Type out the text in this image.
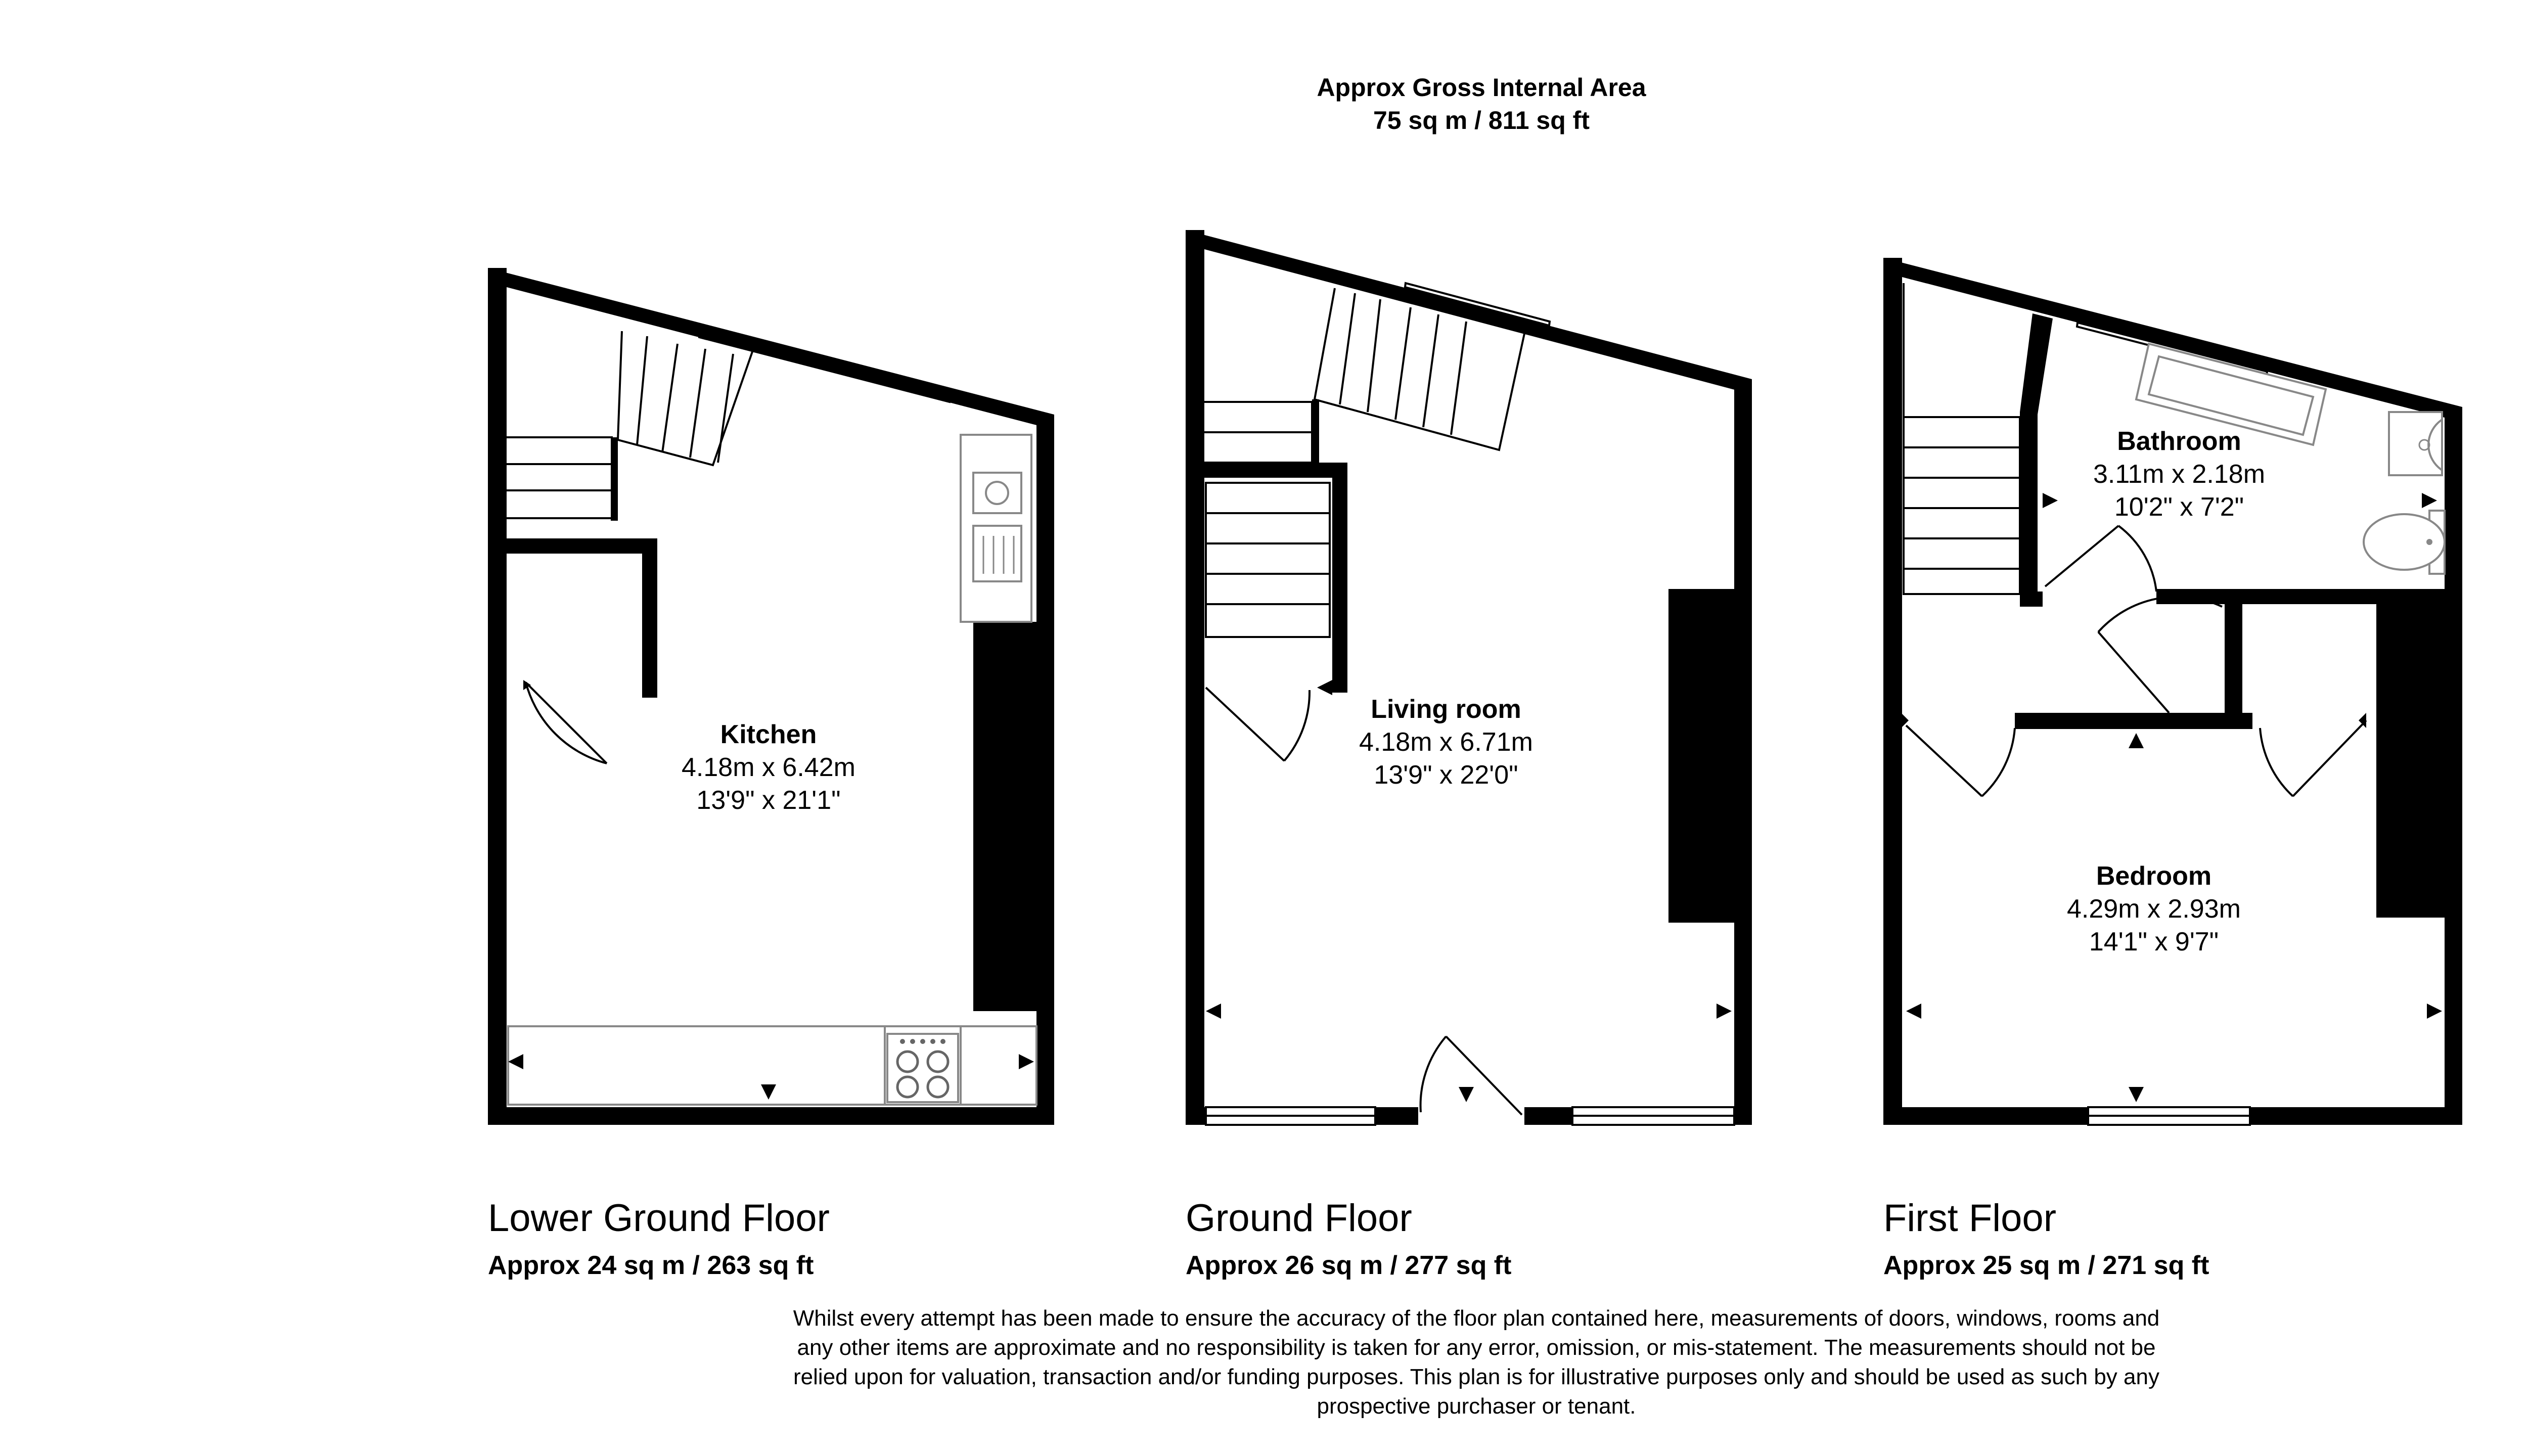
Approx Gross Internal Area
75 sq m / 811 sq ft
Kitchen
4.18m x 6.42m
13'9" x 21'1"
Living room
4.18m x 6.71m
13'9" x 22'0"
Bathroom
3.11m x 2.18m
10'2" x 7'2"
Bedroom
4.29m x 2.93m
14'1" x 9'7"
Lower Ground Floor
Approx 24 sq m / 263 sq ft
Ground Floor
Approx 26 sq m / 277 sq ft
First Floor
Approx 25 sq m / 271 sq ft
Whilst every attempt has been made to ensure the accuracy of the floor plan contained here, measurements of doors, windows, rooms and
any other items are approximate and no responsibility is taken for any error, omission, or mis-statement. The measurements should not be
relied upon for valuation, transaction and/or funding purposes. This plan is for illustrative purposes only and should be used as such by any
prospective purchaser or tenant.
